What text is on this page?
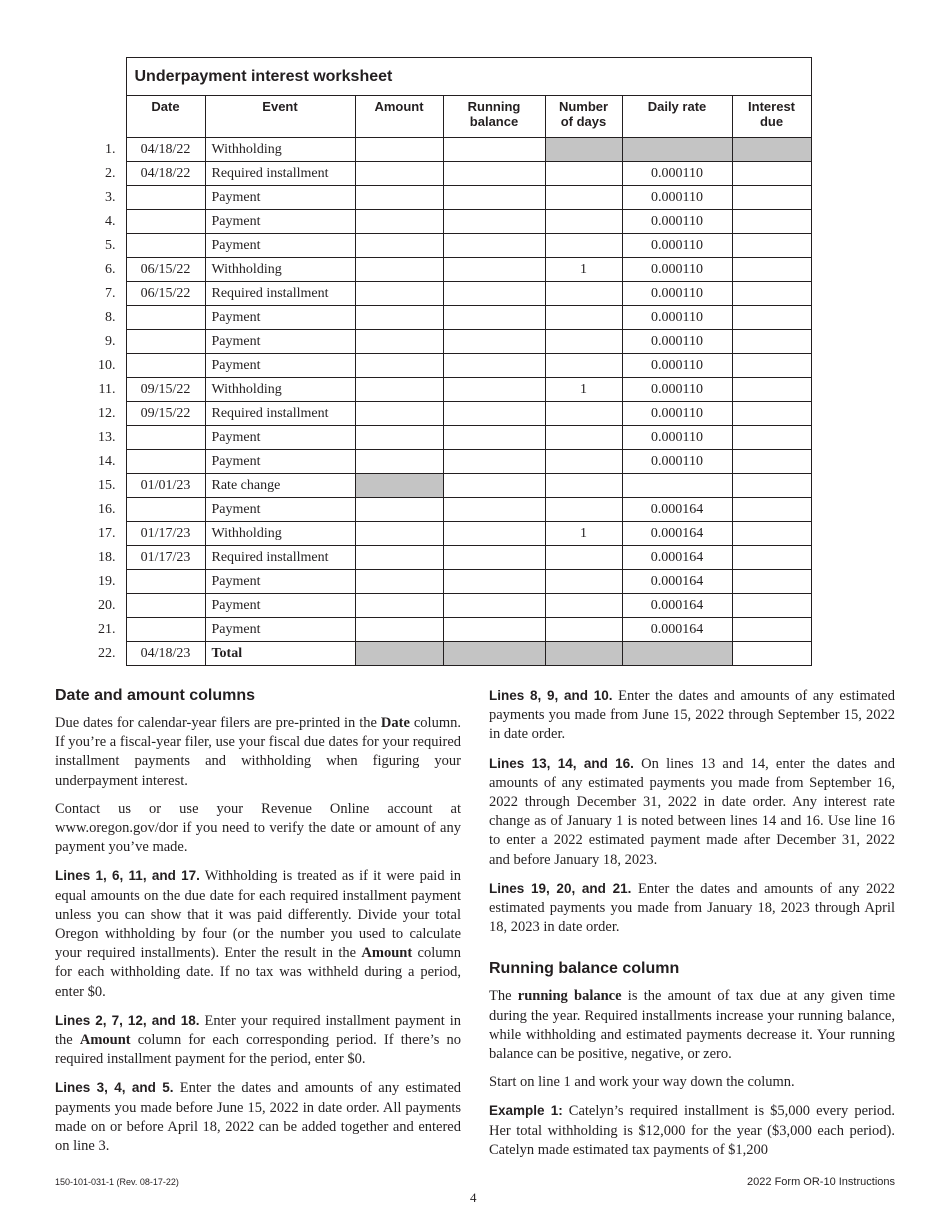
	Underpayment interest worksheet						
	Date	Event	Amount	Running balance	Number of days	Daily rate	Interest due
1.	04/18/22	Withholding					
2.	04/18/22	Required installment				0.000110	
3.		Payment				0.000110	
4.		Payment				0.000110	
5.		Payment				0.000110	
6.	06/15/22	Withholding			1	0.000110	
7.	06/15/22	Required installment				0.000110	
8.		Payment				0.000110	
9.		Payment				0.000110	
10.		Payment				0.000110	
11.	09/15/22	Withholding			1	0.000110	
12.	09/15/22	Required installment				0.000110	
13.		Payment				0.000110	
14.		Payment				0.000110	
15.	01/01/23	Rate change					
16.		Payment				0.000164	
17.	01/17/23	Withholding			1	0.000164	
18.	01/17/23	Required installment				0.000164	
19.		Payment				0.000164	
20.		Payment				0.000164	
21.		Payment				0.000164	
22.	04/18/23	Total					
Date and amount columns

Due dates for calendar-year filers are pre-printed in the Date column. If you’re a fiscal-year filer, use your fiscal due dates for your required installment payments and withholding when figuring your underpayment interest.

Contact us or use your Revenue Online account at www.oregon.gov/dor if you need to verify the date or amount of any payment you’ve made.

Lines 1, 6, 11, and 17. Withholding is treated as if it were paid in equal amounts on the due date for each required installment payment unless you can show that it was paid differently. Divide your total Oregon withholding by four (or the number you used to calculate your required installments). Enter the result in the Amount column for each withholding date. If no tax was withheld during a period, enter $0.

Lines 2, 7, 12, and 18. Enter your required installment payment in the Amount column for each corresponding period. If there’s no required installment payment for the period, enter $0.

Lines 3, 4, and 5. Enter the dates and amounts of any estimated payments you made before June 15, 2022 in date order. All payments made on or before April 18, 2022 can be added together and entered on line 3.

Lines 8, 9, and 10. Enter the dates and amounts of any estimated payments you made from June 15, 2022 through September 15, 2022 in date order.

Lines 13, 14, and 16. On lines 13 and 14, enter the dates and amounts of any estimated payments you made from September 16, 2022 through December 31, 2022 in date order. Any interest rate change as of January 1 is noted between lines 14 and 16. Use line 16 to enter a 2022 estimated payment made after December 31, 2022 and before January 18, 2023.

Lines 19, 20, and 21. Enter the dates and amounts of any 2022 estimated payments you made from January 18, 2023 through April 18, 2023 in date order.

Running balance column

The running balance is the amount of tax due at any given time during the year. Required installments increase your running balance, while withholding and estimated payments decrease it. Your running balance can be positive, negative, or zero.

Start on line 1 and work your way down the column.

Example 1: Catelyn’s required installment is $5,000 every period. Her total withholding is $12,000 for the year ($3,000 each period). Catelyn made estimated tax payments of $1,200

150-101-031-1 (Rev. 08-17-22)
4
2022 Form OR-10 Instructions
